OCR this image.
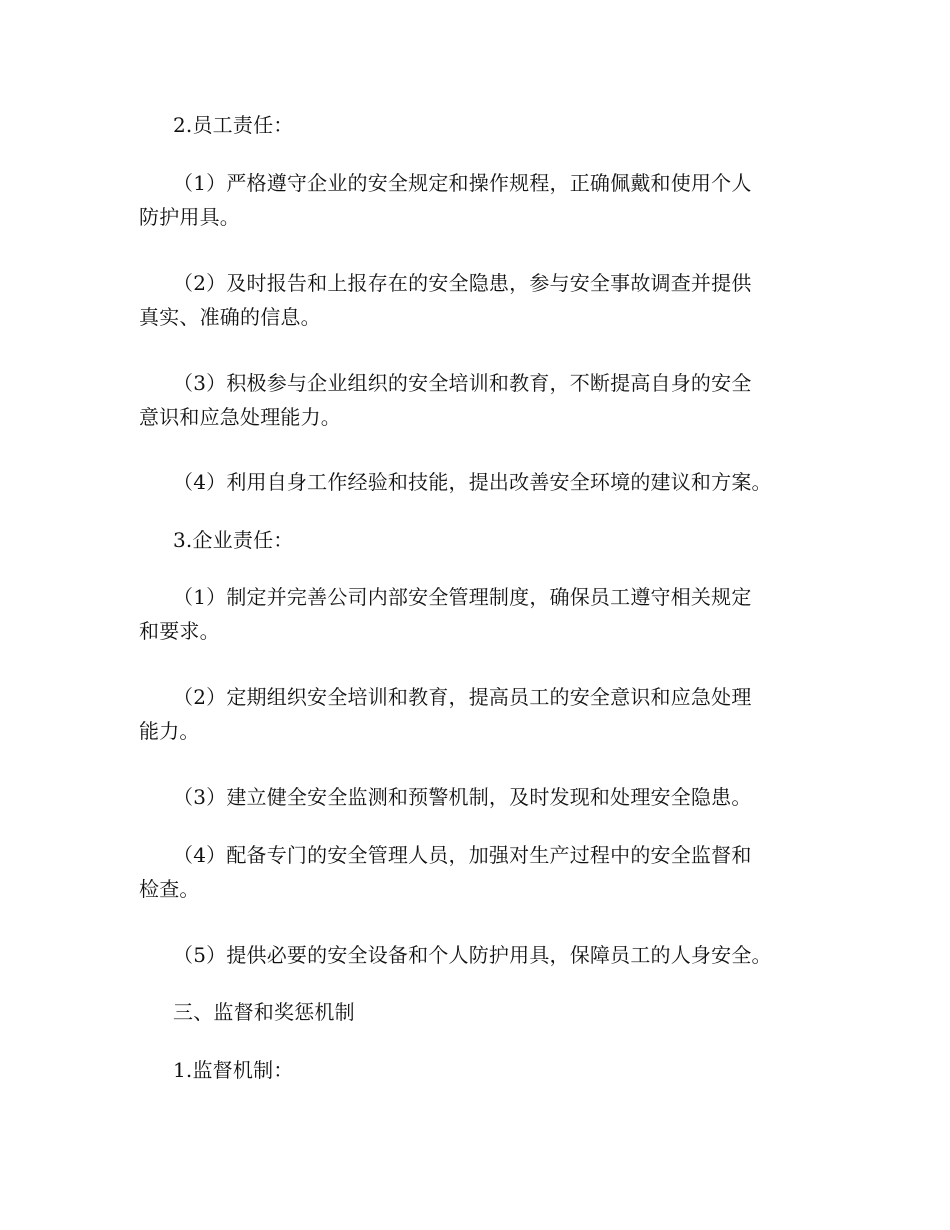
2.员工责任：

（1）严格遵守企业的安全规定和操作规程，正确佩戴和使用个人
防护用具。

（2）及时报告和上报存在的安全隐患，参与安全事故调查并提供
真实、准确的信息。

（3）积极参与企业组织的安全培训和教育，不断提高自身的安全
意识和应急处理能力。

（4）利用自身工作经验和技能，提出改善安全环境的建议和方案。

3.企业责任：

（1）制定并完善公司内部安全管理制度，确保员工遵守相关规定
和要求。

（2）定期组织安全培训和教育，提高员工的安全意识和应急处理
能力。

（3）建立健全安全监测和预警机制，及时发现和处理安全隐患。

（4）配备专门的安全管理人员，加强对生产过程中的安全监督和
检查。

（5）提供必要的安全设备和个人防护用具，保障员工的人身安全。

三、监督和奖惩机制

1.监督机制：
